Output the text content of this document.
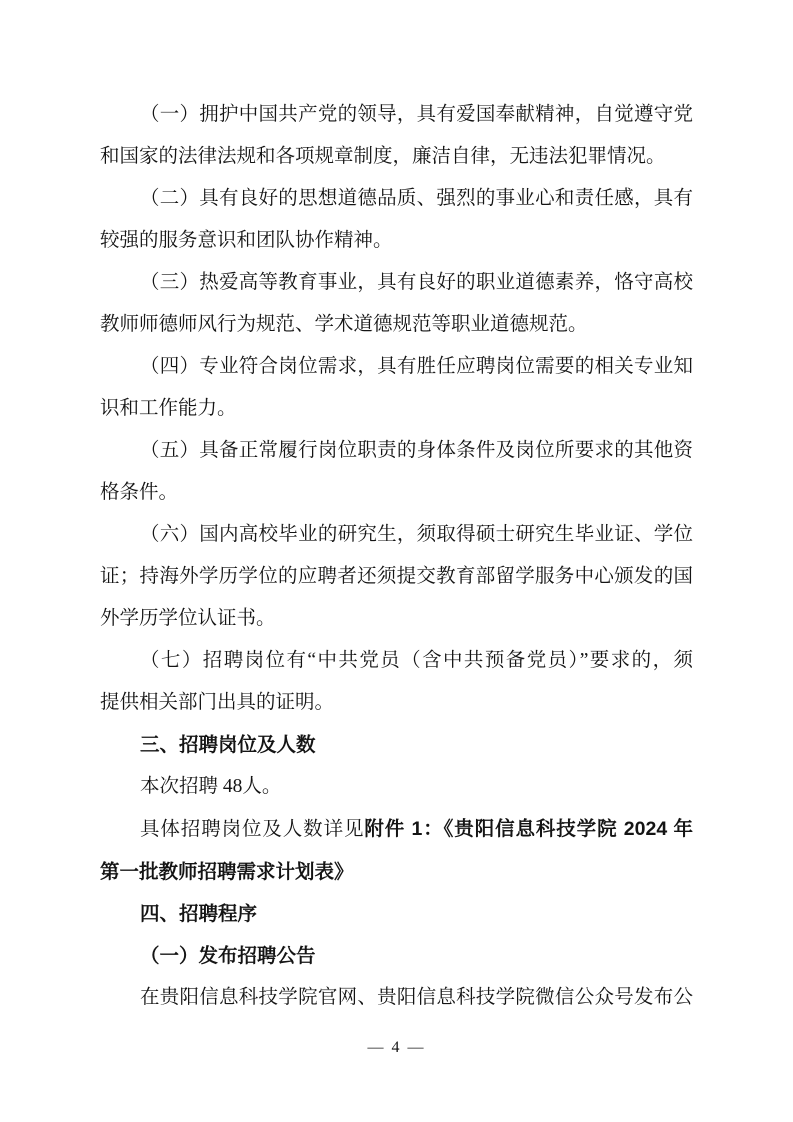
（一）拥护中国共产党的领导，具有爱国奉献精神，自觉遵守党
和国家的法律法规和各项规章制度，廉洁自律，无违法犯罪情况。
（二）具有良好的思想道德品质、强烈的事业心和责任感，具有
较强的服务意识和团队协作精神。
（三）热爱高等教育事业，具有良好的职业道德素养，恪守高校
教师师德师风行为规范、学术道德规范等职业道德规范。
（四）专业符合岗位需求，具有胜任应聘岗位需要的相关专业知
识和工作能力。
（五）具备正常履行岗位职责的身体条件及岗位所要求的其他资
格条件。
（六）国内高校毕业的研究生，须取得硕士研究生毕业证、学位
证；持海外学历学位的应聘者还须提交教育部留学服务中心颁发的国
外学历学位认证书。
（七）招聘岗位有“中共党员（含中共预备党员）”要求的，须
提供相关部门出具的证明。
三、招聘岗位及人数
本次招聘 48人。
具体招聘岗位及人数详见附件 1：《贵阳信息科技学院 2024 年
第一批教师招聘需求计划表》
四、招聘程序
（一）发布招聘公告
在贵阳信息科技学院官网、贵阳信息科技学院微信公众号发布公
— 4 —
